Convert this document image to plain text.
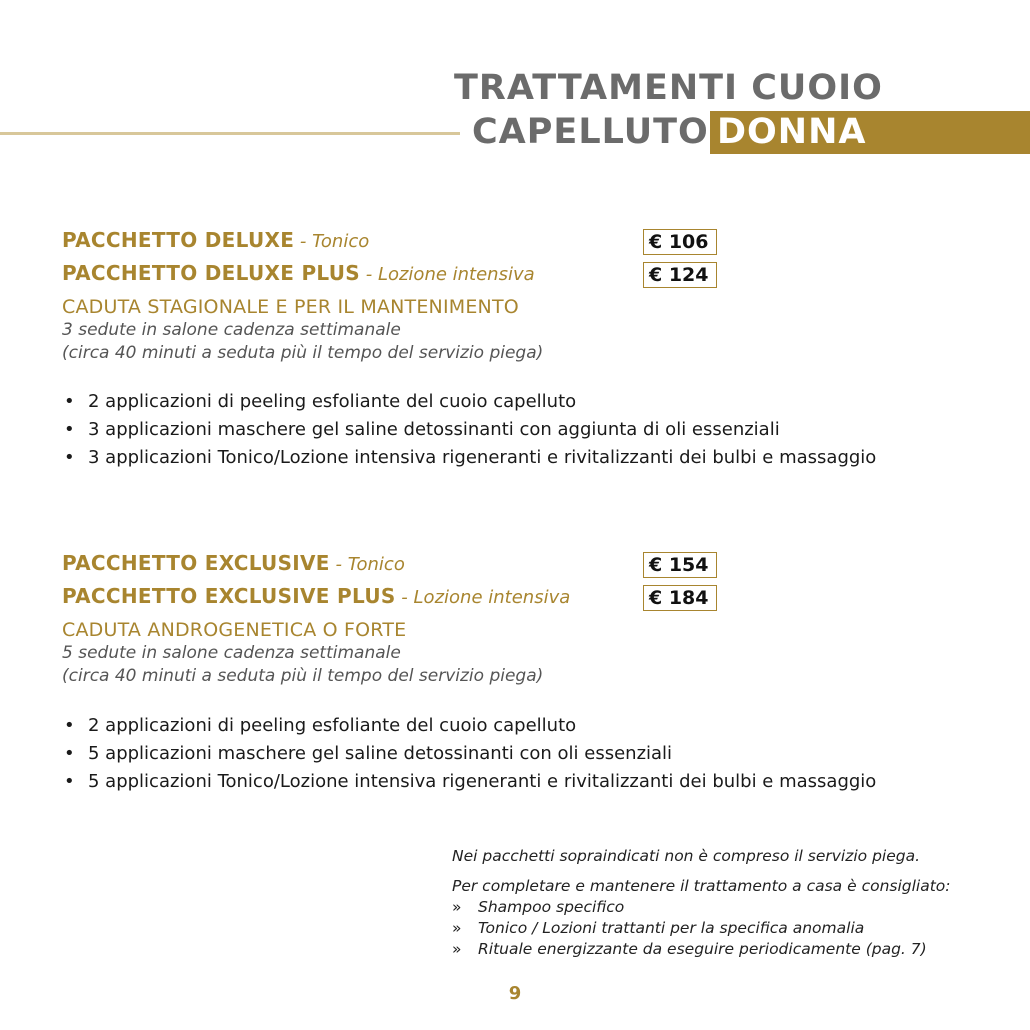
TRATTAMENTI CUOIO
CAPELLUTO DONNA
PACCHETTO DELUXE - Tonico	€ 106
PACCHETTO DELUXE PLUS - Lozione intensiva	€ 124
CADUTA STAGIONALE E PER IL MANTENIMENTO
3 sedute in salone cadenza settimanale
(circa 40 minuti a seduta più il tempo del servizio piega)
• 2 applicazioni di peeling esfoliante del cuoio capelluto
• 3 applicazioni maschere gel saline detossinanti con aggiunta di oli essenziali
• 3 applicazioni Tonico/Lozione intensiva rigeneranti e rivitalizzanti dei bulbi e massaggio
PACCHETTO EXCLUSIVE - Tonico	€ 154
PACCHETTO EXCLUSIVE PLUS - Lozione intensiva	€ 184
CADUTA ANDROGENETICA O FORTE
5 sedute in salone cadenza settimanale
(circa 40 minuti a seduta più il tempo del servizio piega)
• 2 applicazioni di peeling esfoliante del cuoio capelluto
• 5 applicazioni maschere gel saline detossinanti con oli essenziali
• 5 applicazioni Tonico/Lozione intensiva rigeneranti e rivitalizzanti dei bulbi e massaggio
Nei pacchetti sopraindicati non è compreso il servizio piega.
Per completare e mantenere il trattamento a casa è consigliato:
» Shampoo specifico
» Tonico / Lozioni trattanti per la specifica anomalia
» Rituale energizzante da eseguire periodicamente (pag. 7)
9
